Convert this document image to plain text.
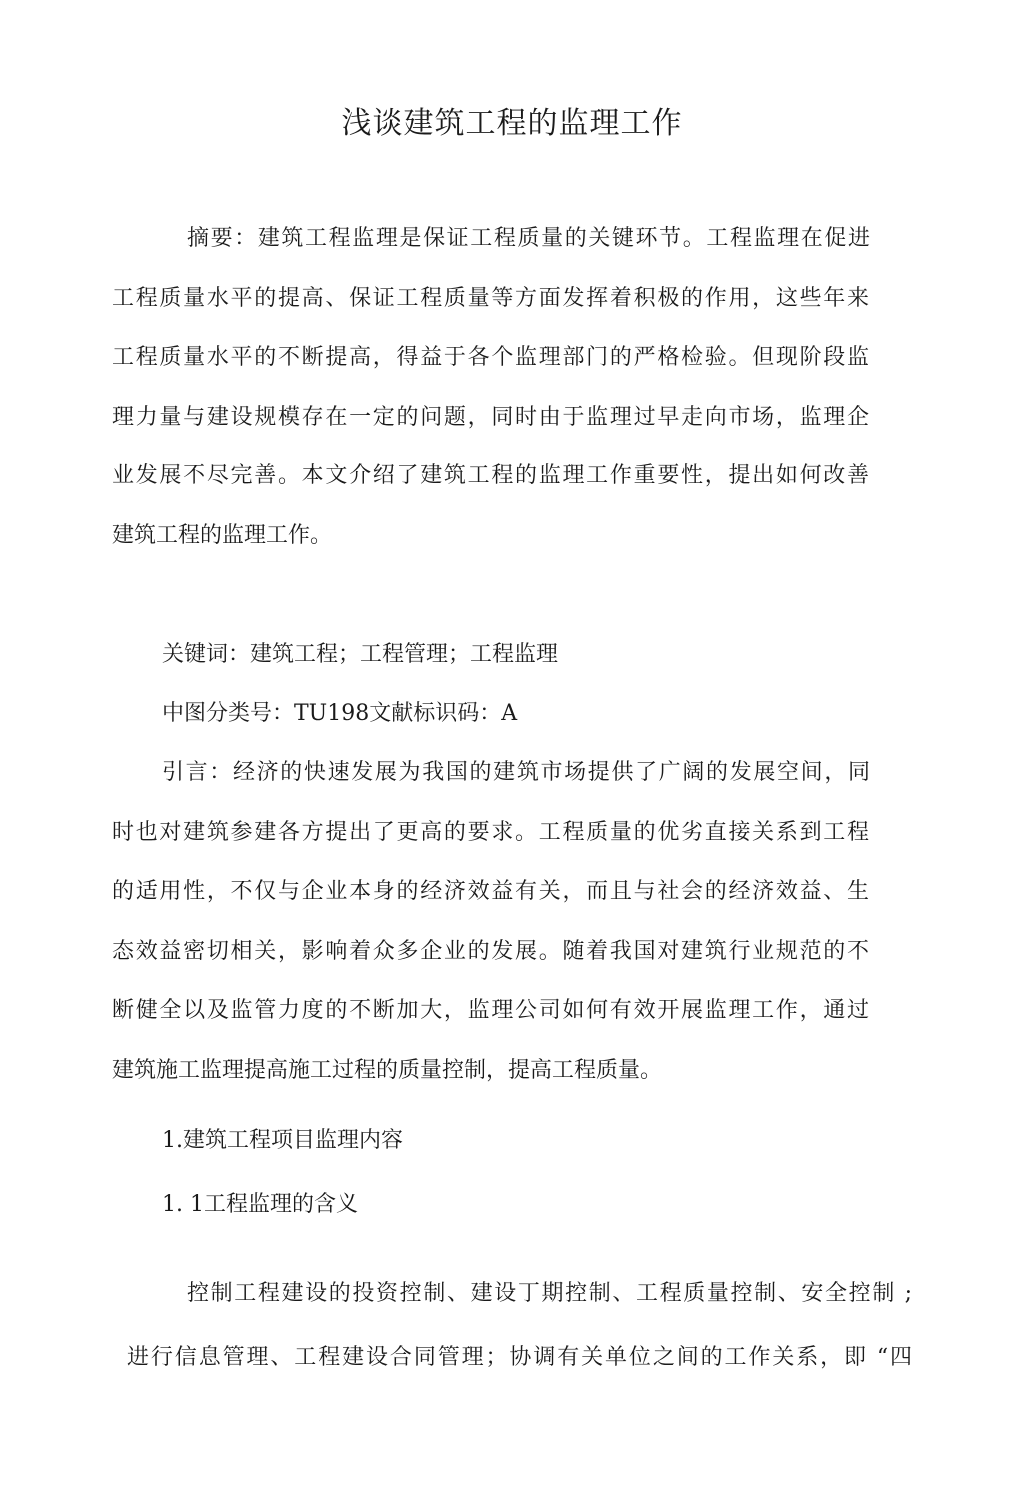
浅谈建筑工程的监理工作
摘要：建筑工程监理是保证工程质量的关键环节。工程监理在促进
工程质量水平的提高、保证工程质量等方面发挥着积极的作用，这些年来
工程质量水平的不断提高，得益于各个监理部门的严格检验。但现阶段监
理力量与建设规模存在一定的问题，同时由于监理过早走向市场，监理企
业发展不尽完善。本文介绍了建筑工程的监理工作重要性，提出如何改善
建筑工程的监理工作。
关键词：建筑工程；工程管理；工程监理
中图分类号：TU198文献标识码：A
引言：经济的快速发展为我国的建筑市场提供了广阔的发展空间，同
时也对建筑参建各方提出了更高的要求。工程质量的优劣直接关系到工程
的适用性，不仅与企业本身的经济效益有关，而且与社会的经济效益、生
态效益密切相关，影响着众多企业的发展。随着我国对建筑行业规范的不
断健全以及监管力度的不断加大，监理公司如何有效开展监理工作，通过
建筑施工监理提高施工过程的质量控制，提高工程质量。
1.建筑工程项目监理内容
1. 1工程监理的含义
控制工程建设的投资控制、建设丁期控制、工程质量控制、安全控制 ;
进行信息管理、工程建设合同管理；协调有关单位之间的工作关系，即 “四
